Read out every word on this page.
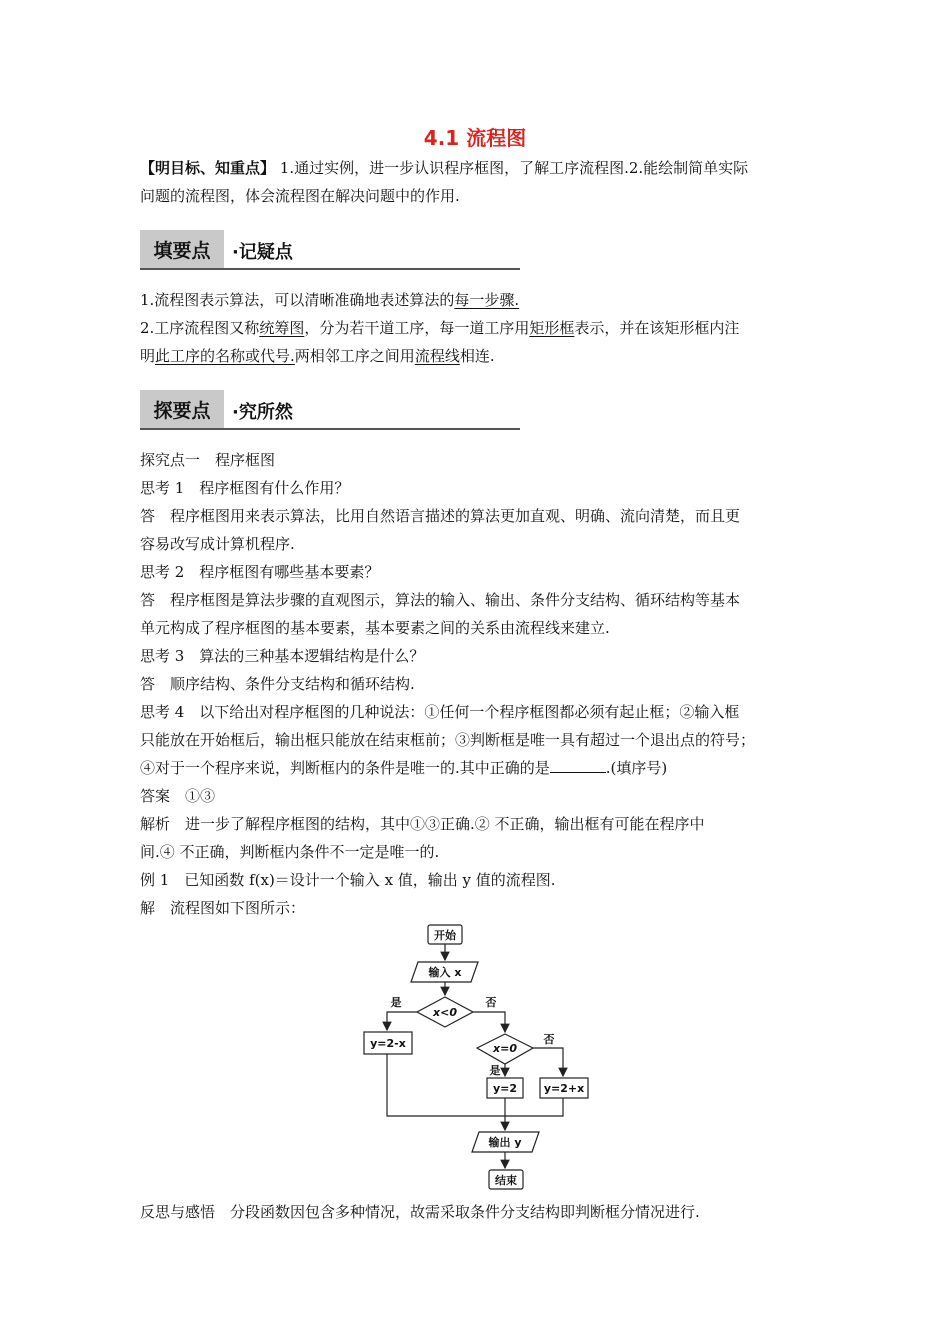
4.1 流程图
【明目标、知重点】 1.通过实例，进一步认识程序框图，了解工序流程图.2.能绘制简单实际
问题的流程图，体会流程图在解决问题中的作用.
填要点	·记疑点
1.流程图表示算法，可以清晰准确地表述算法的每一步骤.
2.工序流程图又称统筹图，分为若干道工序，每一道工序用矩形框表示，并在该矩形框内注
明此工序的名称或代号.两相邻工序之间用流程线相连.
探要点	·究所然
探究点一　程序框图
思考 1　程序框图有什么作用？
答　程序框图用来表示算法，比用自然语言描述的算法更加直观、明确、流向清楚，而且更
容易改写成计算机程序.
思考 2　程序框图有哪些基本要素？
答　程序框图是算法步骤的直观图示，算法的输入、输出、条件分支结构、循环结构等基本
单元构成了程序框图的基本要素，基本要素之间的关系由流程线来建立.
思考 3　算法的三种基本逻辑结构是什么？
答　顺序结构、条件分支结构和循环结构.
思考 4　以下给出对程序框图的几种说法：①任何一个程序框图都必须有起止框；②输入框
只能放在开始框后，输出框只能放在结束框前；③判断框是唯一具有超过一个退出点的符号；
④对于一个程序来说，判断框内的条件是唯一的.其中正确的是	.(填序号)
答案　①③
解析　进一步了解程序框图的结构，其中①③正确.② 不正确，输出框有可能在程序中
间.④ 不正确，判断框内条件不一定是唯一的.
例 1　已知函数 f(x)＝设计一个输入 x 值，输出 y 值的流程图.
解　流程图如下图所示：
开始
输入 x
x<0
是	否
y=2-x	x=0
是
否
y=2 y=2+x
输出 y
结束
反思与感悟　分段函数因包含多种情况，故需采取条件分支结构即判断框分情况进行.
